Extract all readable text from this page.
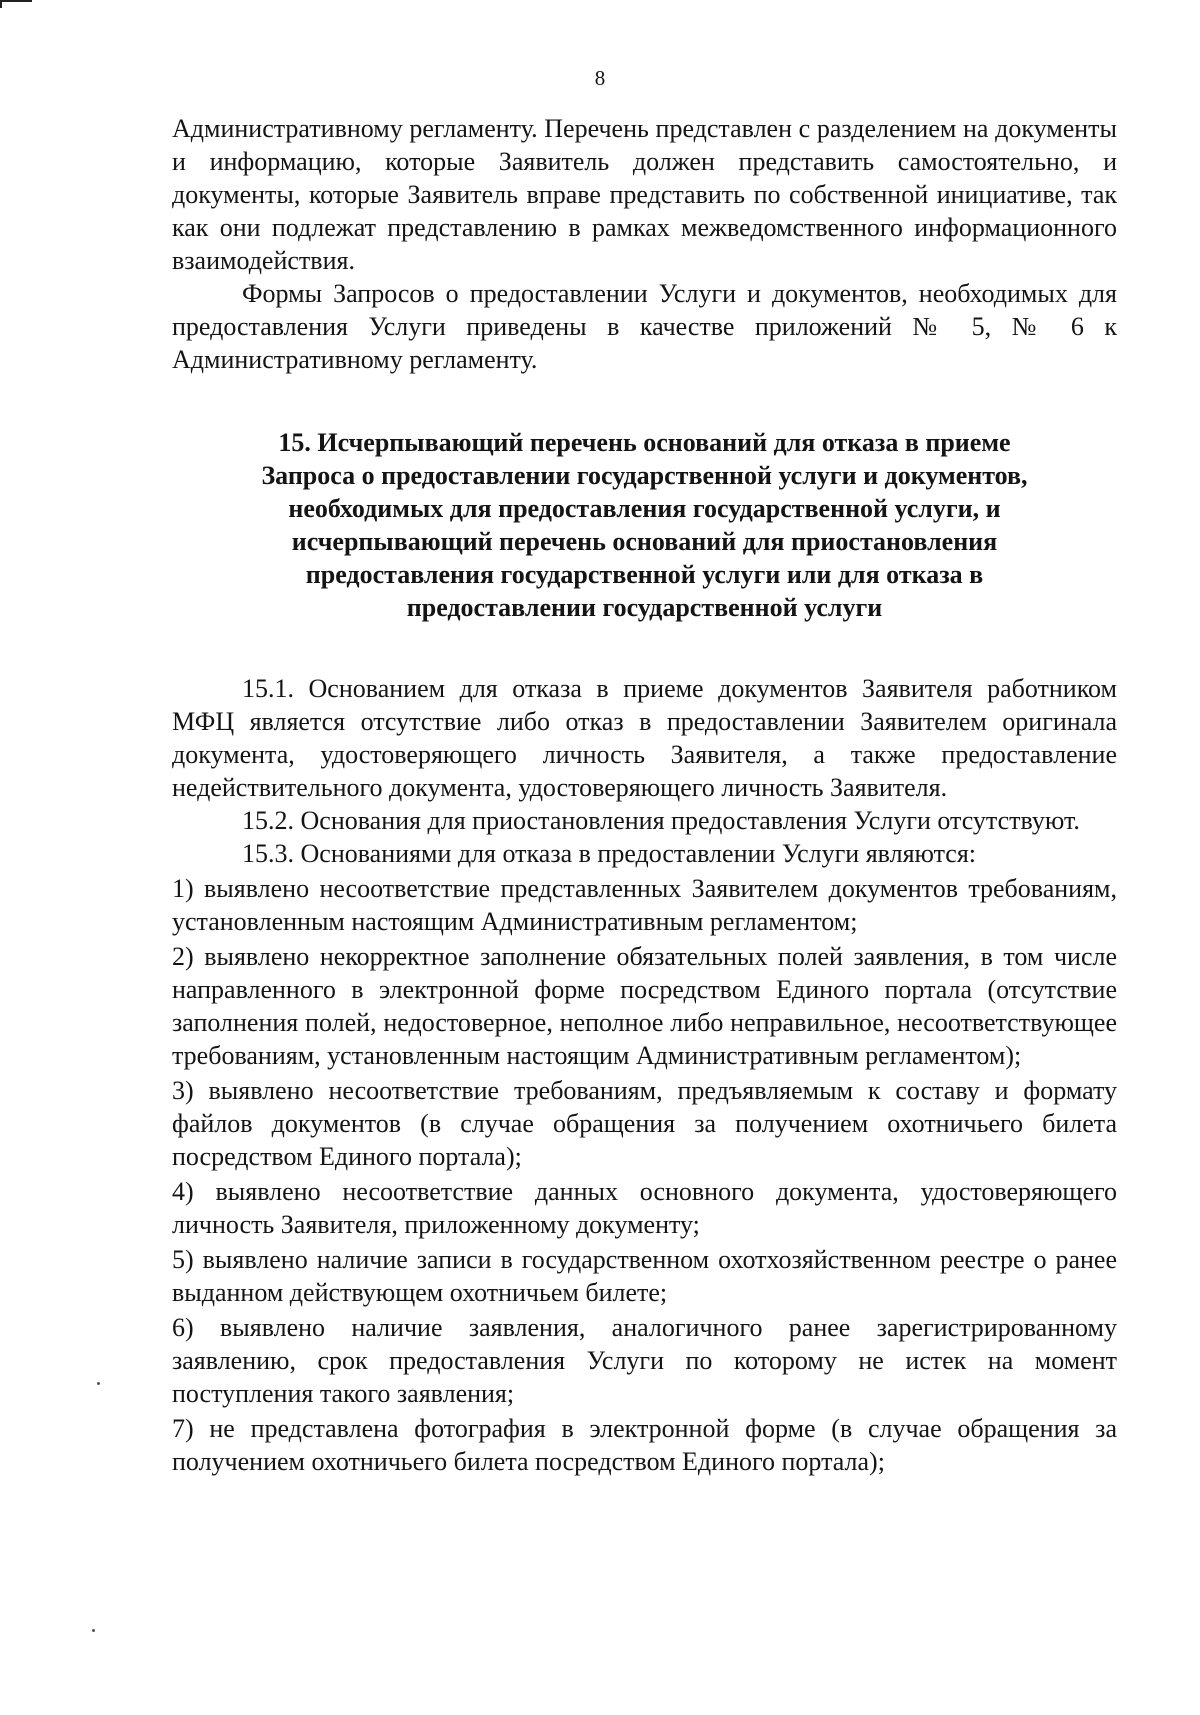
8

Административному регламенту. Перечень представлен с разделением на документы и информацию, которые Заявитель должен представить самостоятельно, и документы, которые Заявитель вправе представить по собственной инициативе, так как они подлежат представлению в рамках межведомственного информационного взаимодействия.

Формы Запросов о предоставлении Услуги и документов, необходимых для предоставления Услуги приведены в качестве приложений № 5, № 6 к Административному регламенту.

15. Исчерпывающий перечень оснований для отказа в приеме
Запроса о предоставлении государственной услуги и документов,
необходимых для предоставления государственной услуги, и
исчерпывающий перечень оснований для приостановления
предоставления государственной услуги или для отказа в
предоставлении государственной услуги

15.1. Основанием для отказа в приеме документов Заявителя работником МФЦ является отсутствие либо отказ в предоставлении Заявителем оригинала документа, удостоверяющего личность Заявителя, а также предоставление недействительного документа, удостоверяющего личность Заявителя.

15.2. Основания для приостановления предоставления Услуги отсутствуют.

15.3. Основаниями для отказа в предоставлении Услуги являются:

1) выявлено несоответствие представленных Заявителем документов требованиям, установленным настоящим Административным регламентом;

2) выявлено некорректное заполнение обязательных полей заявления, в том числе направленного в электронной форме посредством Единого портала (отсутствие заполнения полей, недостоверное, неполное либо неправильное, несоответствующее требованиям, установленным настоящим Административным регламентом);

3) выявлено несоответствие требованиям, предъявляемым к составу и формату файлов документов (в случае обращения за получением охотничьего билета посредством Единого портала);

4) выявлено несоответствие данных основного документа, удостоверяющего личность Заявителя, приложенному документу;

5) выявлено наличие записи в государственном охотхозяйственном реестре о ранее выданном действующем охотничьем билете;

6) выявлено наличие заявления, аналогичного ранее зарегистрированному заявлению, срок предоставления Услуги по которому не истек на момент поступления такого заявления;

7) не представлена фотография в электронной форме (в случае обращения за получением охотничьего билета посредством Единого портала);
